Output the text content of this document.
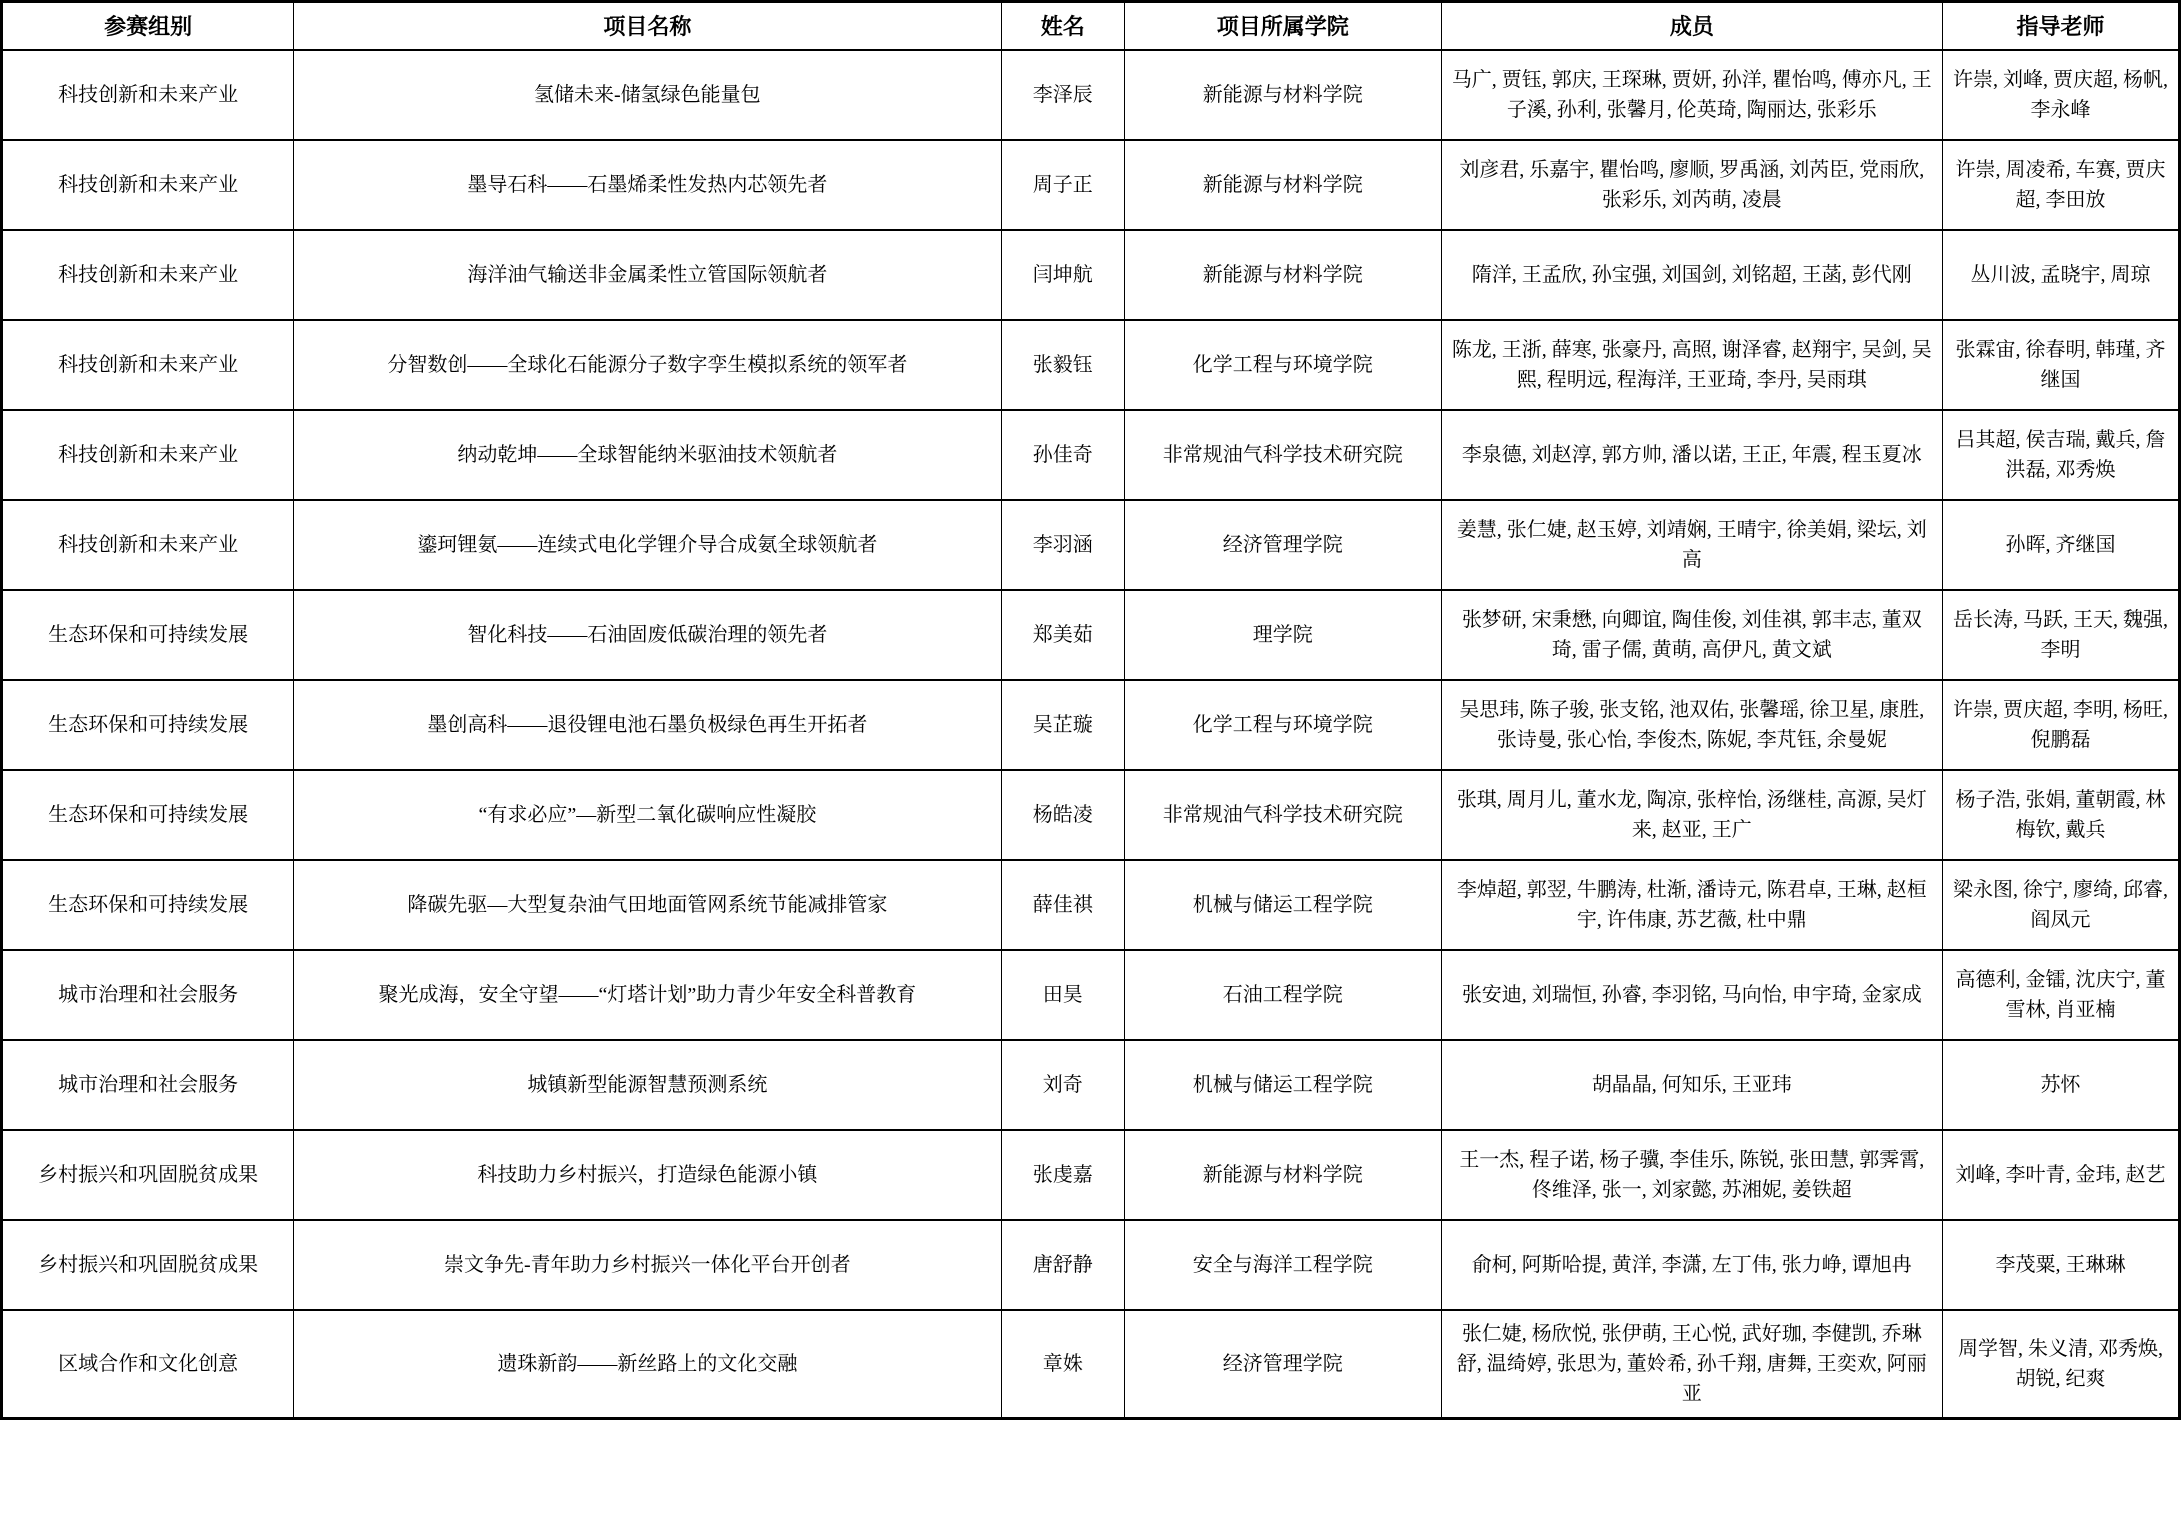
参赛组别	项目名称	姓名	项目所属学院	成员	指导老师
科技创新和未来产业	氢储未来-储氢绿色能量包	李泽辰	新能源与材料学院	马广, 贾钰, 郭庆, 王琛琳, 贾妍, 孙洋, 瞿怡鸣, 傅亦凡, 王子溪, 孙利, 张馨月, 伦英琦, 陶丽达, 张彩乐	许崇, 刘峰, 贾庆超, 杨帆, 李永峰
科技创新和未来产业	墨导石科——石墨烯柔性发热内芯领先者	周子正	新能源与材料学院	刘彦君, 乐嘉宇, 瞿怡鸣, 廖顺, 罗禹涵, 刘芮臣, 党雨欣, 张彩乐, 刘芮萌, 凌晨	许崇, 周凌希, 车赛, 贾庆超, 李田放
科技创新和未来产业	海洋油气输送非金属柔性立管国际领航者	闫坤航	新能源与材料学院	隋洋, 王孟欣, 孙宝强, 刘国剑, 刘铭超, 王菡, 彭代刚	丛川波, 孟晓宇, 周琼
科技创新和未来产业	分智数创——全球化石能源分子数字孪生模拟系统的领军者	张毅钰	化学工程与环境学院	陈龙, 王浙, 薛寒, 张豪丹, 高照, 谢泽睿, 赵翔宇, 吴剑, 吴熙, 程明远, 程海洋, 王亚琦, 李丹, 吴雨琪	张霖宙, 徐春明, 韩瑾, 齐继国
科技创新和未来产业	纳动乾坤——全球智能纳米驱油技术领航者	孙佳奇	非常规油气科学技术研究院	李泉德, 刘赵淳, 郭方帅, 潘以诺, 王正, 年震, 程玉夏冰	吕其超, 侯吉瑞, 戴兵, 詹洪磊, 邓秀焕
科技创新和未来产业	鎏珂锂氨——连续式电化学锂介导合成氨全球领航者	李羽涵	经济管理学院	姜慧, 张仁婕, 赵玉婷, 刘靖娴, 王晴宇, 徐美娟, 梁坛, 刘高	孙晖, 齐继国
生态环保和可持续发展	智化科技——石油固废低碳治理的领先者	郑美茹	理学院	张梦研, 宋秉懋, 向卿谊, 陶佳俊, 刘佳祺, 郭丰志, 董双琦, 雷子儒, 黄萌, 高伊凡, 黄文斌	岳长涛, 马跃, 王天, 魏强, 李明
生态环保和可持续发展	墨创高科——退役锂电池石墨负极绿色再生开拓者	吴芷璇	化学工程与环境学院	吴思玮, 陈子骏, 张支铭, 池双佑, 张馨瑶, 徐卫星, 康胜, 张诗曼, 张心怡, 李俊杰, 陈妮, 李芃钰, 余曼妮	许崇, 贾庆超, 李明, 杨旺, 倪鹏磊
生态环保和可持续发展	“有求必应”—新型二氧化碳响应性凝胶	杨皓凌	非常规油气科学技术研究院	张琪, 周月儿, 董水龙, 陶凉, 张梓怡, 汤继桂, 高源, 吴灯来, 赵亚, 王广	杨子浩, 张娟, 董朝霞, 林梅钦, 戴兵
生态环保和可持续发展	降碳先驱—大型复杂油气田地面管网系统节能减排管家	薛佳祺	机械与储运工程学院	李焯超, 郭翌, 牛鹏涛, 杜渐, 潘诗元, 陈君卓, 王琳, 赵桓宇, 许伟康, 苏艺薇, 杜中鼎	梁永图, 徐宁, 廖绮, 邱睿, 阎凤元
城市治理和社会服务	聚光成海，安全守望——“灯塔计划”助力青少年安全科普教育	田昊	石油工程学院	张安迪, 刘瑞恒, 孙睿, 李羽铭, 马向怡, 申宇琦, 金家成	高德利, 金镭, 沈庆宁, 董雪林, 肖亚楠
城市治理和社会服务	城镇新型能源智慧预测系统	刘奇	机械与储运工程学院	胡晶晶, 何知乐, 王亚玮	苏怀
乡村振兴和巩固脱贫成果	科技助力乡村振兴，打造绿色能源小镇	张虔嘉	新能源与材料学院	王一杰, 程子诺, 杨子骥, 李佳乐, 陈锐, 张田慧, 郭霁霄, 佟维泽, 张一, 刘家懿, 苏湘妮, 姜铁超	刘峰, 李叶青, 金玮, 赵艺
乡村振兴和巩固脱贫成果	崇文争先-青年助力乡村振兴一体化平台开创者	唐舒静	安全与海洋工程学院	俞柯, 阿斯哈提, 黄洋, 李潇, 左丁伟, 张力峥, 谭旭冉	李茂粟, 王琳琳
区域合作和文化创意	遗珠新韵——新丝路上的文化交融	章姝	经济管理学院	张仁婕, 杨欣悦, 张伊萌, 王心悦, 武好珈, 李健凯, 乔琳舒, 温绮婷, 张思为, 董姈希, 孙千翔, 唐舞, 王奕欢, 阿丽亚	周学智, 朱义清, 邓秀焕, 胡锐, 纪爽
